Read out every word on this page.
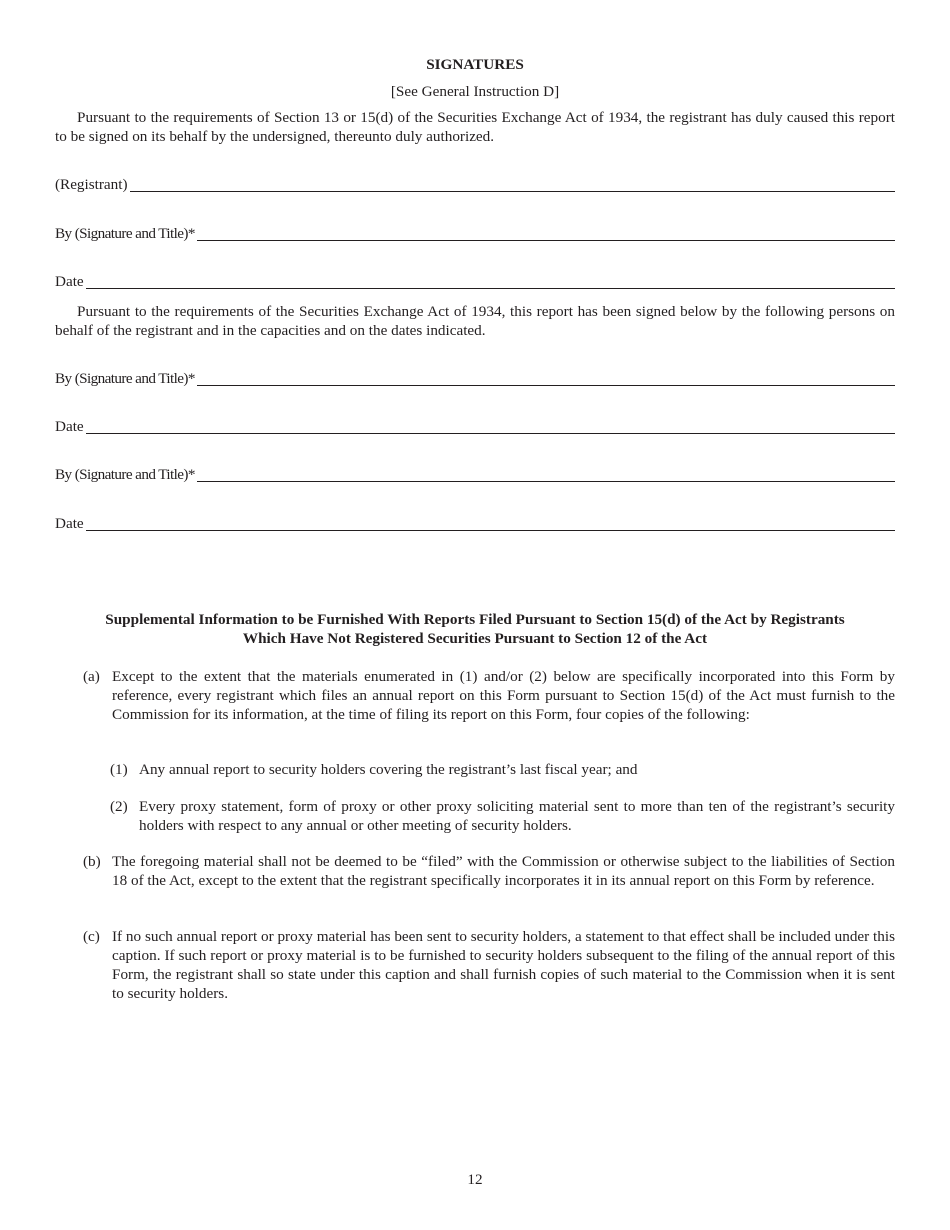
SIGNATURES
[See General Instruction D]
Pursuant to the requirements of Section 13 or 15(d) of the Securities Exchange Act of 1934, the registrant has duly caused this report to be signed on its behalf by the undersigned, thereunto duly authorized.
(Registrant)
By (Signature and Title)*
Date
Pursuant to the requirements of the Securities Exchange Act of 1934, this report has been signed below by the following persons on behalf of the registrant and in the capacities and on the dates indicated.
By (Signature and Title)*
Date
By (Signature and Title)*
Date
Supplemental Information to be Furnished With Reports Filed Pursuant to Section 15(d) of the Act by Registrants
Which Have Not Registered Securities Pursuant to Section 12 of the Act
(a) Except to the extent that the materials enumerated in (1) and/or (2) below are specifically incorporated into this Form by reference, every registrant which files an annual report on this Form pursuant to Section 15(d) of the Act must furnish to the Commission for its information, at the time of filing its report on this Form, four copies of the following:
(1) Any annual report to security holders covering the registrant’s last fiscal year; and
(2) Every proxy statement, form of proxy or other proxy soliciting material sent to more than ten of the registrant’s security holders with respect to any annual or other meeting of security holders.
(b) The foregoing material shall not be deemed to be “filed” with the Commission or otherwise subject to the liabilities of Section 18 of the Act, except to the extent that the registrant specifically incorporates it in its annual report on this Form by reference.
(c) If no such annual report or proxy material has been sent to security holders, a statement to that effect shall be included under this caption. If such report or proxy material is to be furnished to security holders subsequent to the filing of the annual report of this Form, the registrant shall so state under this caption and shall furnish copies of such material to the Commission when it is sent to security holders.
12
